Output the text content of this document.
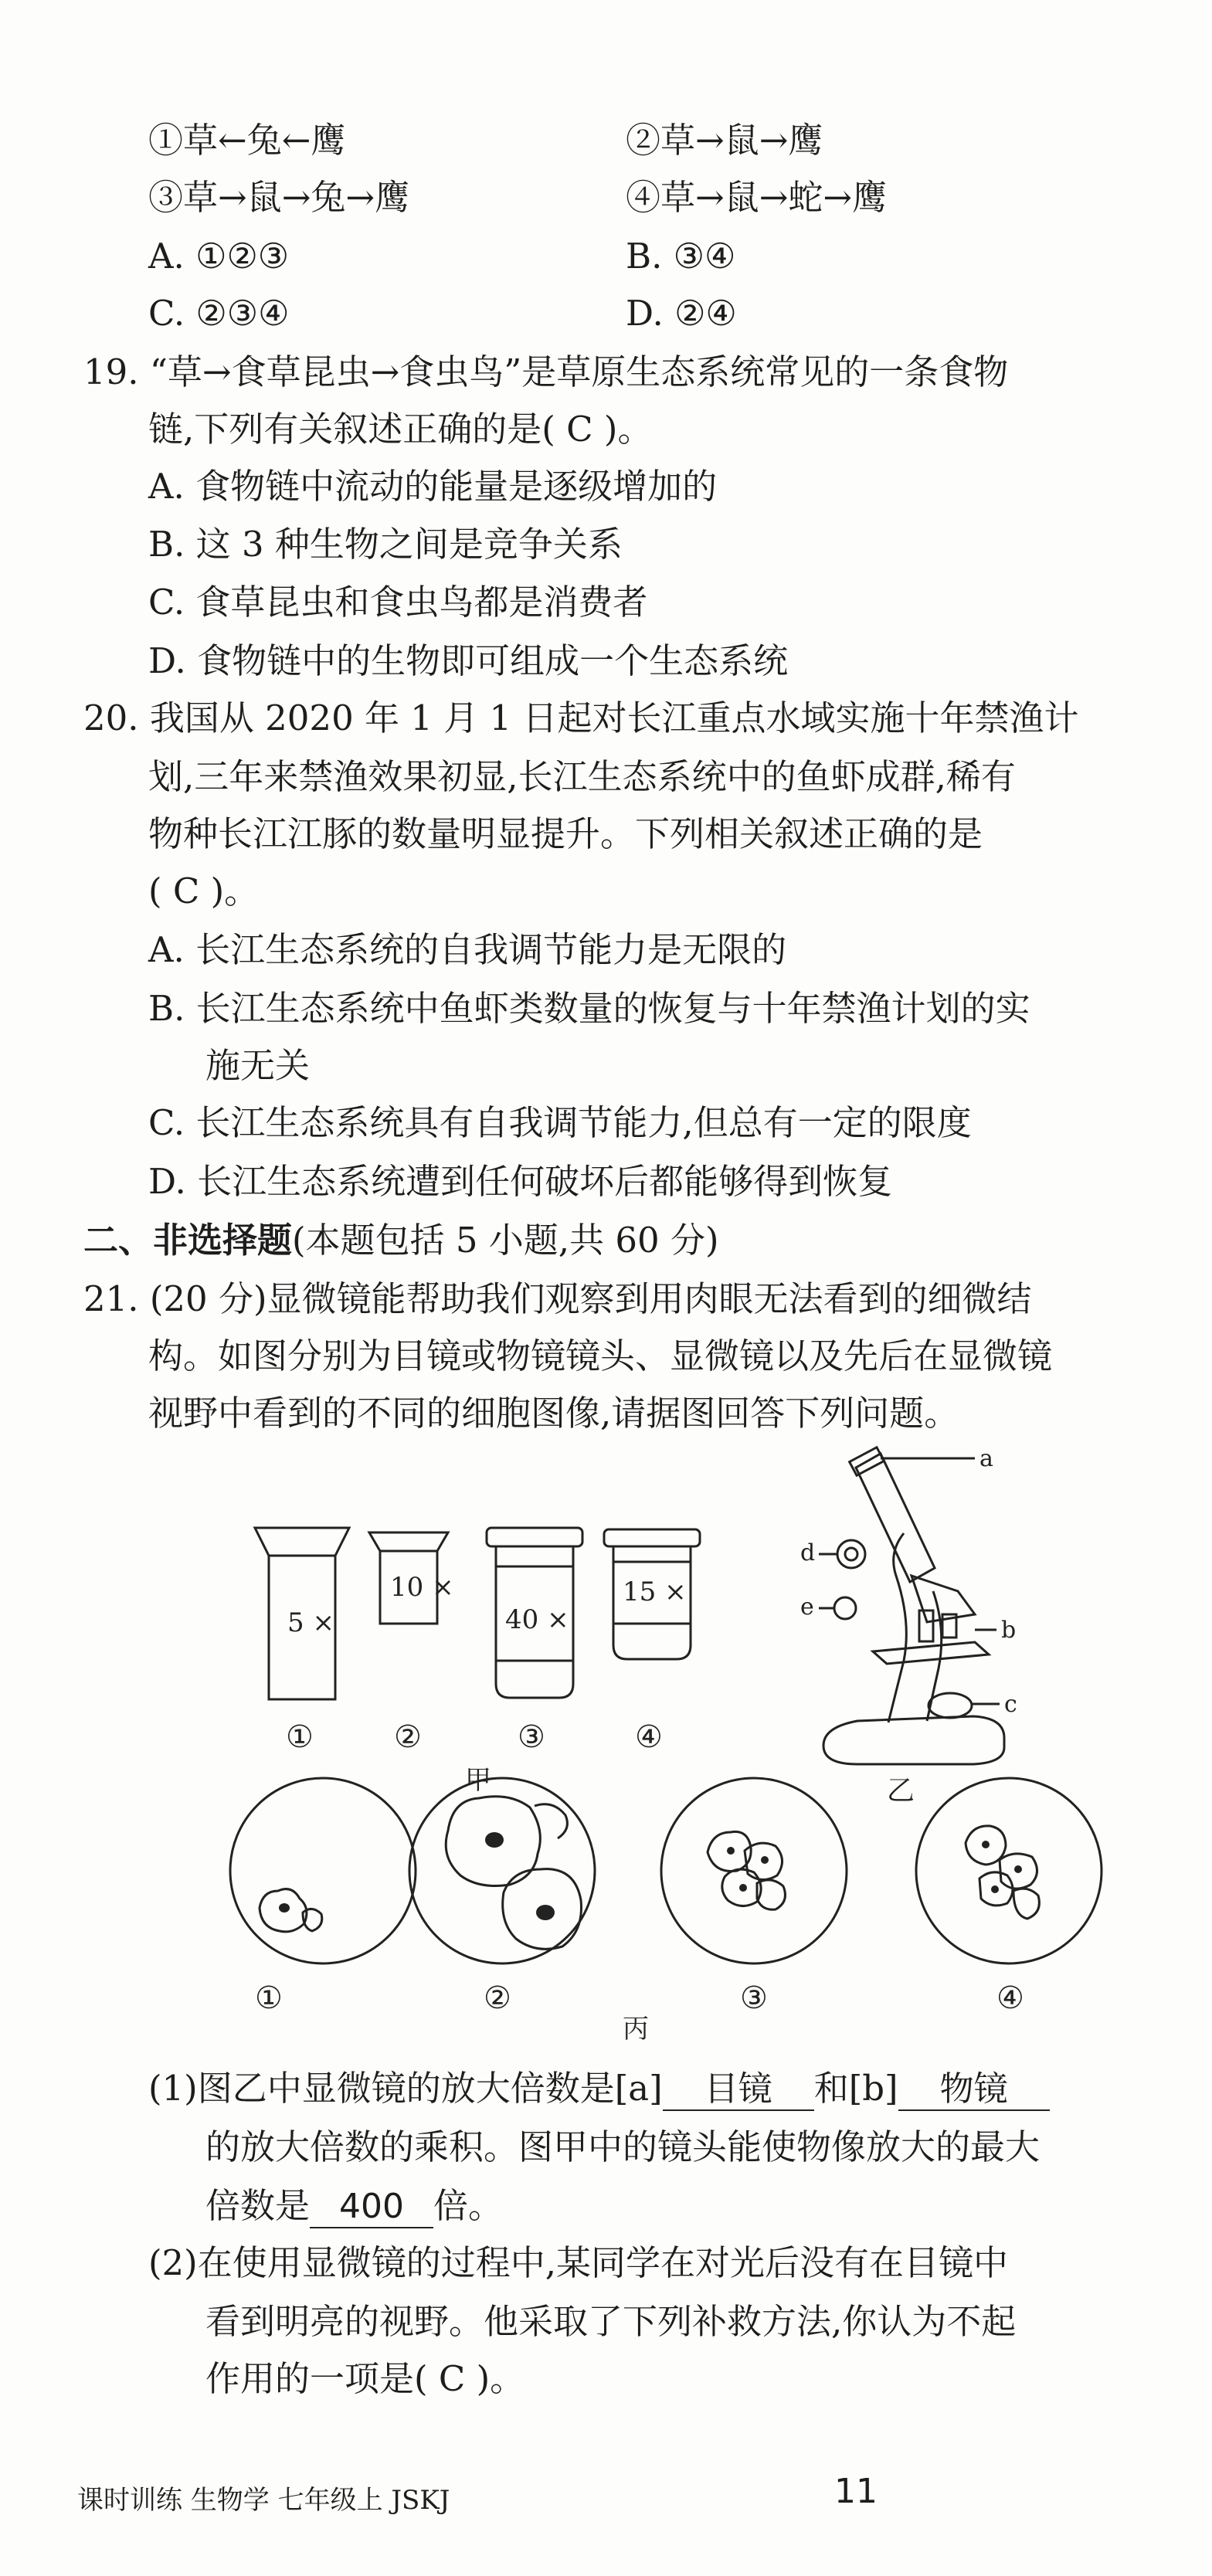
①草←兔←鹰	②草→鼠→鹰
③草→鼠→兔→鹰	④草→鼠→蛇→鹰
A. ①②③	B. ③④
C. ②③④	D. ②④
19. “草→食草昆虫→食虫鸟”是草原生态系统常见的一条食物
链,下列有关叙述正确的是( C )。
A. 食物链中流动的能量是逐级增加的
B. 这 3 种生物之间是竞争关系
C. 食草昆虫和食虫鸟都是消费者
D. 食物链中的生物即可组成一个生态系统
20. 我国从 2020 年 1 月 1 日起对长江重点水域实施十年禁渔计
划,三年来禁渔效果初显,长江生态系统中的鱼虾成群,稀有
物种长江江豚的数量明显提升。下列相关叙述正确的是
( C )。
A. 长江生态系统的自我调节能力是无限的
B. 长江生态系统中鱼虾类数量的恢复与十年禁渔计划的实
施无关
C. 长江生态系统具有自我调节能力,但总有一定的限度
D. 长江生态系统遭到任何破坏后都能够得到恢复
二、非选择题(本题包括 5 小题,共 60 分)
21. (20 分)显微镜能帮助我们观察到用肉眼无法看到的细微结
构。如图分别为目镜或物镜镜头、显微镜以及先后在显微镜
视野中看到的不同的细胞图像,请据图回答下列问题。
5 ×
10 ×
40 ×
15 ×
①	②	③	④
甲	乙
丙
①	②	③	④
a
b
c
d
e
(1)图乙中显微镜的放大倍数是[a] 目镜 和[b] 物镜
的放大倍数的乘积。图甲中的镜头能使物像放大的最大
倍数是 400 倍。
(2)在使用显微镜的过程中,某同学在对光后没有在目镜中
看到明亮的视野。他采取了下列补救方法,你认为不起
作用的一项是( C )。
课时训练 生物学 七年级上 JSKJ	11
